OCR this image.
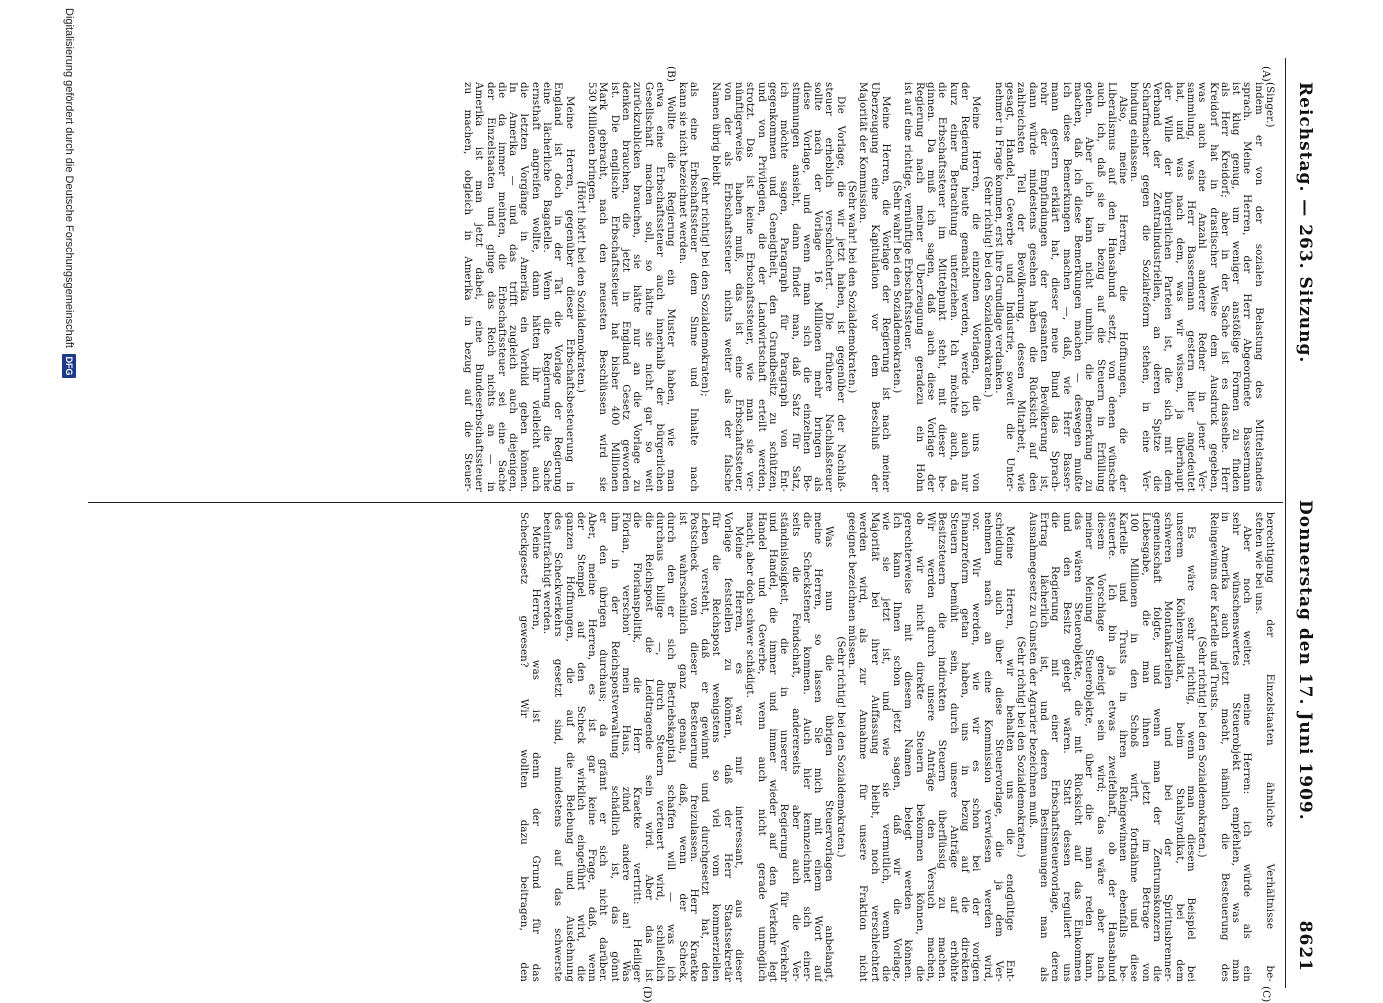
Reichstag. — 263. Sitzung.
Donnerstag den 17. Juni 1909.
8621
(A)
(B)
(C)
(D)
(Singer.)
indem er von der sozialen Belastung des Mittelstandes
sprach. Meine Herren, der Herr Abgeordnete Bassermann
ist klug genug, um weniger anstößige Formen zu finden
als Herr Kreidorf; aber in der Sache ist es dasselbe. Herr
Kreidorf hat in drastischer Weise dem Ausdruck gegeben,
was auch eine Anzahl anderer Redner in jener Ver-
sammlung, was Herr Bassermann gestern hier angedeutet
hat, und was nach dem, was wir wissen, ja überhaupt
der Wille der bürgerlichen Parteien ist, die sich mit dem
Verband der Zentralindustriellen, an deren Spitze die
Scharfmacher gegen die Sozialreform stehen, in eine Ver-
bindung einlassen.
Also, meine Herren, die Hoffnungen, die der
Liberalismus auf den Hansabund setzt, von denen wünsche
auch ich, daß sie in bezug auf die Steuern in Erfüllung
gehen. Aber ich kann nicht umhin, die Bemerkung zu
machen, daß ich diese Bemerkungen machen — deswegen mußte
ich diese Bemerkungen machen —, daß, wie Herr Basser-
mann gestern erklärt hat, dieser neue Bund das Sprach-
rohr der Empfindungen der gesamten Bevölkerung ist,
dann würde mindestens gesehen haben die Rücksicht auf den
zahlreichsten Teil der Bevölkerung, dessen Mitarbeit, wie
gesagt, Handel, Gewerbe und Industrie, soweit die Unter-
nehmer in Frage kommen, erst ihre Grundlage verdanken.
(Sehr richtig! bei den Sozialdemokraten.)
Meine Herren, die einzelnen Vorlagen, die uns von
der Regierung heute gemacht werden, werde ich auch nur
kurz einer Betrachtung unterziehen. Ich möchte auch, da
die Erbschaftssteuer im Mittelpunkt steht, mit dieser be-
ginnen. Da muß ich sagen, daß auch diese Vorlage der
Regierung nach meiner Überzeugung geradezu ein Hohn
ist auf eine richtige, vernünftige Erbschaftssteuer.
(Sehr wahr! bei den Sozialdemokraten.)
Meine Herren, die Vorlage der Regierung ist nach meiner
Überzeugung eine Kapitulation vor dem Beschluß der
Majorität der Kommission.
(Sehr wahr! bei den Sozialdemokraten.)
Die Vorlage, die wir jetzt haben, ist gegenüber der Nachlaß-
steuer erheblich verschlechtert. Die frühere Nachlaßsteuer
sollte nach der Vorlage 16 Millionen mehr bringen als
diese Vorlage, und wenn man sich die einzelnen Be-
stimmungen ansieht, dann findet man, daß Satz für Satz,
ich möchte sagen, Paragraph für Paragraph von Ent-
gegenkommen und Geneigtheit, den Grundbesitz zu schützen,
und von Privilegien, die der Landwirtschaft erteilt werden,
strotzt. Das ist keine Erbschaftssteuer, wie man sie ver-
nünftigerweise haben muß, das ist eine Erbschaftssteuer,
von der als Erbschaftssteuer nichts weiter als der falsche
Namen übrig bleibt
(sehr richtig! bei den Sozialdemokraten);
als eine Erbschaftssteuer dem Sinne und Inhalte nach
kann sie nicht bezeichnet werden.
Wollte die Regierung ein Muster haben, wie man
etwa eine Erbschaftssteuer auch innerhalb der bürgerlichen
Gesellschaft machen soll, so hätte sie nicht gar so weit
zurückzublicken brauchen, sie hätte nur an die Vorlage zu
denken brauchen, die jetzt in England Gesetz geworden
ist. Die englische Erbschaftssteuer hat bisher 400 Millionen
Mark gebracht, nach den neuesten Beschlüssen wird sie
530 Millionen bringen.
(Hört! hört! bei den Sozialdemokraten.)
Meine Herren, gegenüber dieser Erbschaftsbesteuerung in
England ist doch in der Tat die Vorlage der Regierung
eine lächerliche Bagatelle. Wenn die Regierung die Sache
ernsthaft angreifen wollte, dann hätten ihr vielleicht auch
die letzten Vorgänge in Amerika ein Vorbild geben können.
In Amerika — und das trifft zugleich auch diejenigen,
die da immer meinten, die Erbschaftssteuer sei eine Sache
der Einzelstaaten und ginge das Reich nichts an — in
Amerika ist man jetzt dabei, eine Bundeserbschaftssteuer
zu machen, obgleich in Amerika in bezug auf die Steuer-
berechtigung der Einzelstaaten ähnliche Verhältnisse be-
stehen wie bei uns.
Aber noch weiter, meine Herren: ich würde als ein
sehr wünschenswertes Steuerobjekt empfehlen, was man
in Amerika auch jetzt macht, nämlich die Besteuerung des
Reingewinns der Kartelle und Trusts.
(Sehr richtig! bei den Sozialdemokraten.)
Es wäre sehr richtig, wenn man diesem Beispiel bei
unserem Kohlensyndikat, beim Stahlsyndikat, bei dem
schweren Montankartellen und bei der Spiritusbrenner-
gemeinschaft folgte, und wenn man der Zentrumskonzern die
Liebesgabe, die man ihnen jetzt im Betrage von
100 Millionen in den Schoß wirft, fortnähme und diese
Kartelle und Trusts in ihren Reingewinnen ebenfalls be-
steuerte. Ich bin ja etwas zweifelhaft, ob der Hansabund
diesem Vorschlage geneigt sein wird; das wäre aber nach
meiner Meinung Steuerobjekte, über die man reden kann,
das wären Steuerobjekte, die mit Rücksicht auf das Einkommen
und den Besitz gelegt wären. Statt dessen reguliert uns
die Regierung mit einer Erbschaftssteuervorlage, deren
Ertrag lächerlich ist, und deren Bestimmungen man als
Ausnahmegesetz zu Gunsten der Agrarier bezeichnen muß.
(Sehr richtig! bei den Sozialdemokraten.)
Meine Herren, wir behalten uns die endgültige Ent-
scheidung auch über diese Steuervorlage, die ja dem Ver-
nehmen nach an eine Kommission verwiesen werden wird,
vor. Wir werden, wie wir es schon bei der vorigen
Finanzreform getan haben, uns in bezug auf die direkten
Steuern bemüht sein, durch unsere Anträge auf erhöhte
Besitzsteuern die indirekten Steuern überflüssig zu machen.
Wir werden durch unsere Anträge den Versuch machen,
ob wir nicht direkte Steuern bekommen können, die
gerechterweise mit diesem Namen belegt werden können.
Ich kann Ihnen schon jetzt sagen, daß wir die Vorlage,
wie sie jetzt ist, und wie sie vermutlich, wenn die
Majorität bei ihrer Auffassung bleibt, noch verschlechtert
werden wird, als zur Annahme für unsere Fraktion nicht
geeignet bezeichnen müssen.
(Sehr richtig! bei den Sozialdemokraten.)
Was nun die übrigen Steuervorlagen anbelangt,
meine Herren, so lassen Sie mich mit einem Wort auf
die Scheckstener kommen. Auch hier kennzeichnet sich einer-
seits die Feindschaft, andererseits aber auch die Ver-
ständnislosigkeit, die in unserer Regierung für Verkehr
und Handel, die immer und immer wieder auf den Verkehr legt
Handel und Gewerbe, wenn auch nicht gerade unmöglich
macht, aber doch schwer schädigt.
Meine Herren, es war mir interessant, aus dieser
Vorlage feststellen zu können, daß der Herr Staatssekretär
für die Reichspost wenigstens so viel vom kommerziellen
Leben versteht, daß er gewinnt und durchgesetzt hat, den
Postscheck von dieser Besteuerung freizulassen. Herr Kraetke
ist wahrscheinlich ganz genau, daß, wenn der Scheck,
durch den er sich Betriebskapital schaffen will — was ich
durchaus billige —, durch Steuern verteuert wird, schließlich
die Reichspost die Leidtragende sein wird. Aber das ist
die Florianspolitik, die Herr Kraetke vertritt: Heiliger
Florian, verschon' mein Haus, zünd andere an! Was
ihm in der Reichspostverwaltung schädlich ist, das gönnt
er den übrigen durchaus; da grämt er sich nicht darüber.
Aber, meine Herren, es ist gar keine Frage, daß, wenn
der Stempel auf den Scheck wirklich eingeführt wird, die
ganzen Hoffnungen, die auf die Belebung und Ausdehnung
des Scheckverkehrs gesetzt sind, mindestens auf das schwerste
beeinträchtigt werden.
Meine Herren, was ist denn der Grund für das
Scheckgesetz gewesen? Wir wollten dazu beitragen, den
Digitalisierung gefördert durch die Deutsche Forschungsgemeinschaft
DFG
